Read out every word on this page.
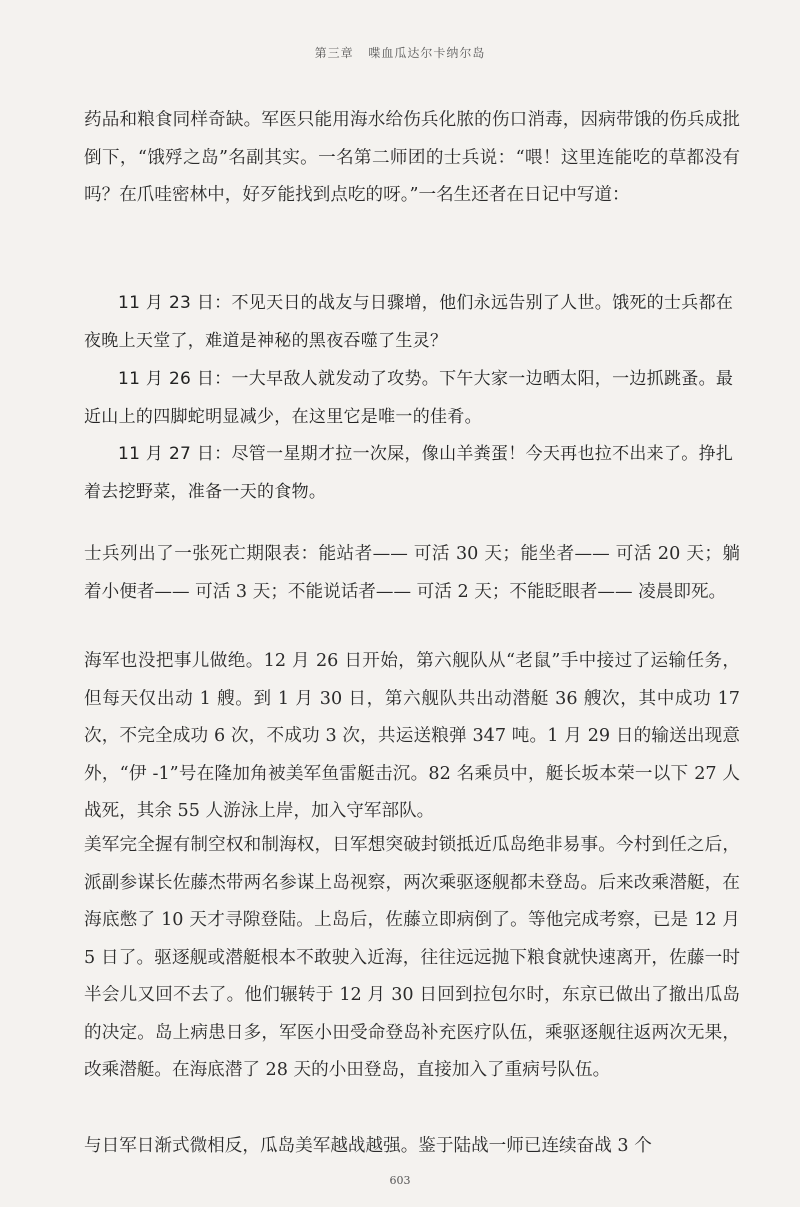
第三章 喋血瓜达尔卡纳尔岛

药品和粮食同样奇缺。军医只能用海水给伤兵化脓的伤口消毒，因病带饿的伤兵成批倒下，“饿殍之岛”名副其实。一名第二师团的士兵说：“喂！这里连能吃的草都没有吗？在爪哇密林中，好歹能找到点吃的呀。”一名生还者在日记中写道：

11 月 23 日：不见天日的战友与日骤增，他们永远告别了人世。饿死的士兵都在夜晚上天堂了，难道是神秘的黑夜吞噬了生灵？

11 月 26 日：一大早敌人就发动了攻势。下午大家一边晒太阳，一边抓跳蚤。最近山上的四脚蛇明显减少，在这里它是唯一的佳肴。

11 月 27 日：尽管一星期才拉一次屎，像山羊粪蛋！今天再也拉不出来了。挣扎着去挖野菜，准备一天的食物。

士兵列出了一张死亡期限表：能站者—— 可活 30 天；能坐者—— 可活 20 天；躺着小便者—— 可活 3 天；不能说话者—— 可活 2 天；不能眨眼者—— 凌晨即死。

海军也没把事儿做绝。12 月 26 日开始，第六舰队从“老鼠”手中接过了运输任务，但每天仅出动 1 艘。到 1 月 30 日，第六舰队共出动潜艇 36 艘次，其中成功 17 次，不完全成功 6 次，不成功 3 次，共运送粮弹 347 吨。1 月 29 日的输送出现意外，“伊 -1”号在隆加角被美军鱼雷艇击沉。82 名乘员中，艇长坂本荣一以下 27 人战死，其余 55 人游泳上岸，加入守军部队。

美军完全握有制空权和制海权，日军想突破封锁抵近瓜岛绝非易事。今村到任之后，派副参谋长佐藤杰带两名参谋上岛视察，两次乘驱逐舰都未登岛。后来改乘潜艇，在海底憋了 10 天才寻隙登陆。上岛后，佐藤立即病倒了。等他完成考察，已是 12 月 5 日了。驱逐舰或潜艇根本不敢驶入近海，往往远远抛下粮食就快速离开，佐藤一时半会儿又回不去了。他们辗转于 12 月 30 日回到拉包尔时，东京已做出了撤出瓜岛的决定。岛上病患日多，军医小田受命登岛补充医疗队伍，乘驱逐舰往返两次无果，改乘潜艇。在海底潜了 28 天的小田登岛，直接加入了重病号队伍。

与日军日渐式微相反，瓜岛美军越战越强。鉴于陆战一师已连续奋战 3 个

603
